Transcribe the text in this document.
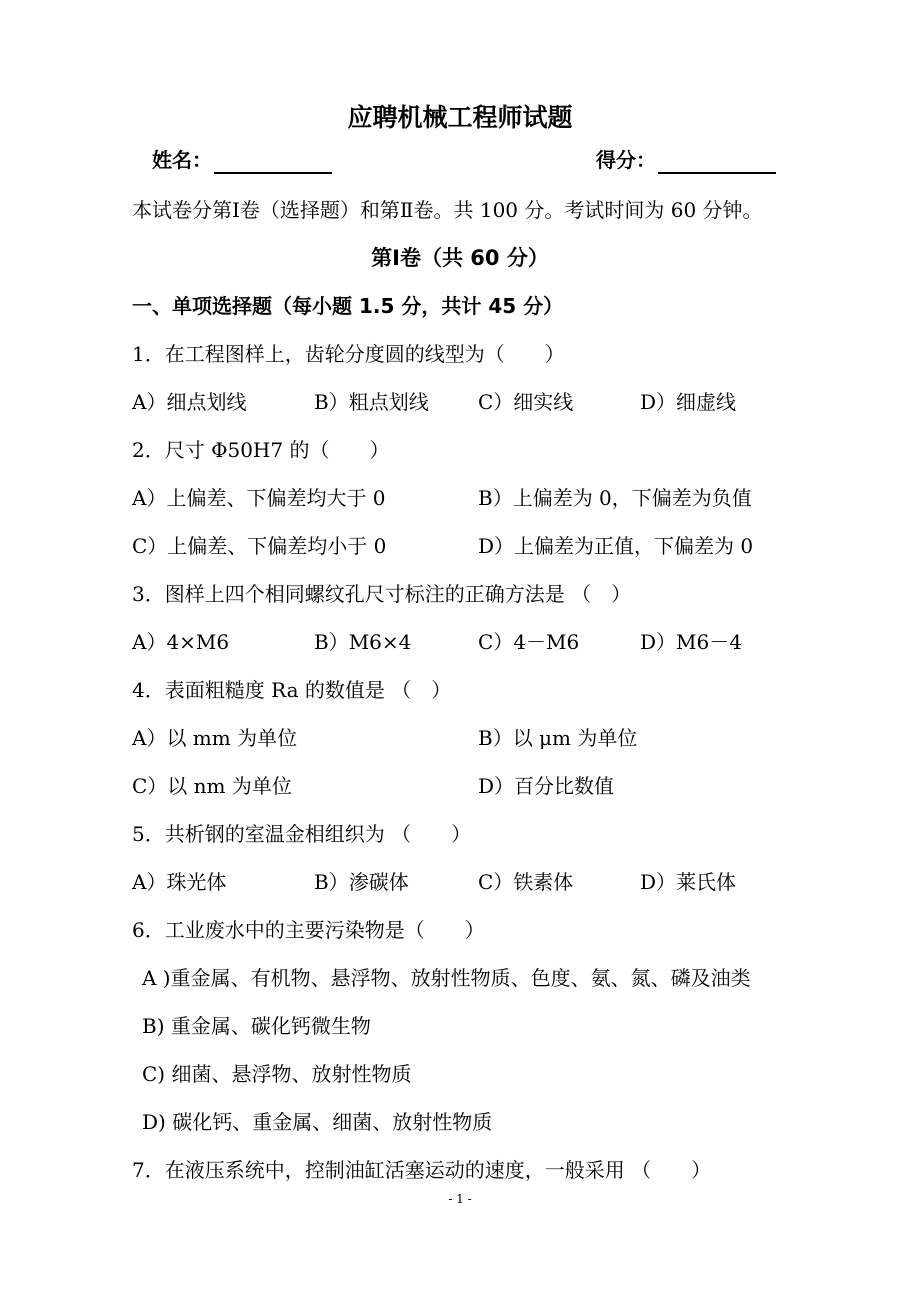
应聘机械工程师试题
姓名：	得分：
本试卷分第Ⅰ卷（选择题）和第Ⅱ卷。共 100 分。考试时间为 60 分钟。
第Ⅰ卷（共 60 分）
一、单项选择题（每小题 1.5 分，共计 45 分）
1．在工程图样上，齿轮分度圆的线型为（　　）
A）细点划线	B）粗点划线 C）细实线	D）细虚线
2．尺寸 Φ50H7 的（　　）
A）上偏差、下偏差均大于 0	B）上偏差为 0，下偏差为负值
C）上偏差、下偏差均小于 0	D）上偏差为正值，下偏差为 0
3．图样上四个相同螺纹孔尺寸标注的正确方法是 （　）
A）4×M6	B）M6×4	C）4－M6	D）M6－4
4．表面粗糙度 Ra 的数值是 （　）
A）以 mm 为单位	B）以 μm 为单位
C）以 nm 为单位	D）百分比数值
5．共析钢的室温金相组织为 （　　）
A）珠光体	B）渗碳体	C）铁素体	D）莱氏体
6．工业废水中的主要污染物是（　　）
A )重金属、有机物、悬浮物、放射性物质、色度、氨、氮、磷及油类
B) 重金属、碳化钙微生物
C) 细菌、悬浮物、放射性物质
D) 碳化钙、重金属、细菌、放射性物质
7．在液压系统中，控制油缸活塞运动的速度，一般采用 （　　）
- 1 -
